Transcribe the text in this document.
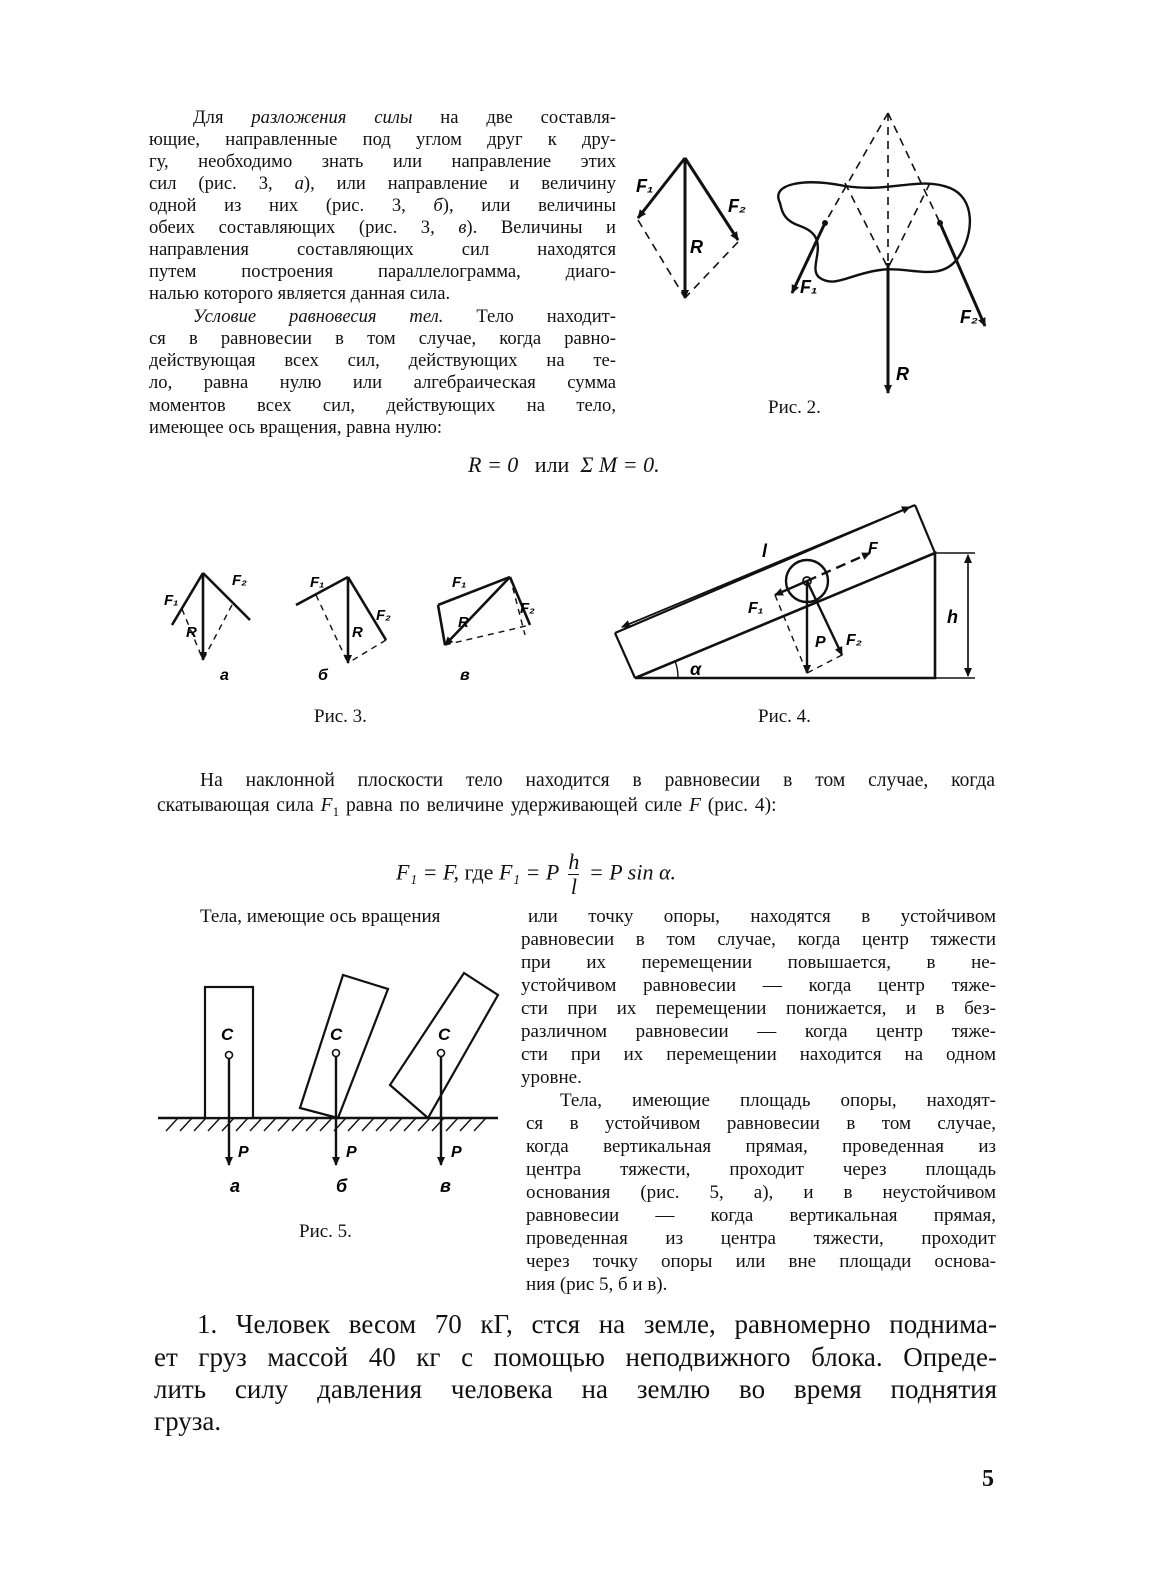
Для разложения силы на две составля-
ющие, направленные под углом друг к дру-
гу, необходимо знать или направление этих
сил (рис. 3, а), или направление и величину
одной из них (рис. 3, б), или величины
обеих составляющих (рис. 3, в). Величины и
направления составляющих сил находятся
путем построения параллелограмма, диаго-
налью которого является данная сила.
Условие равновесия тел. Тело находит-
ся в равновесии в том случае, когда равно-
действующая всех сил, действующих на те-
ло, равна нулю или алгебраическая сумма
моментов всех сил, действующих на тело,
имеющее ось вращения, равна нулю:
R = 0 или Σ M = 0.
F₁
F₂
R
F₁
F₂
R
Рис. 2.
F₁
F₂
R
а
F₁
F₂
R
б
F₁
F₂
R
в
Рис. 3.
l
h
α
F
F₁
P F₂
Рис. 4.
На наклонной плоскости тело находится в равновесии в том случае, когда
скатывающая сила $F_1$ равна по величине удерживающей силе F (рис. 4):
F₁ = F, где F₁ = P $\frac{h}{l} = P$ sin α.
Тела, имеющие ось вращения	или точку опоры, находятся в устойчивом
равновесии в том случае, когда центр тяжести
при их перемещении повышается, в не-
устойчивом равновесии — когда центр тяже-
сти при их перемещении понижается, и в без-
различном равновесии — когда центр тяже-
сти при их перемещении находится на одном
уровне.
Тела, имеющие площадь опоры, находят-
ся в устойчивом равновесии в том случае,
когда вертикальная прямая, проведенная из
центра тяжести, проходит через площадь
основания (рис. 5, а), и в неустойчивом
равновесии — когда вертикальная прямая,
проведенная из центра тяжести, проходит
через точку опоры или вне площади основа-
ния (рис 5, б и в).
C
P
а
C
P
б
C
P
в
Рис. 5.
1. Человек весом 70 кГ, стся на земле, равномерно поднима-
ет груз массой 40 кг с помощью неподвижного блока. Опреде-
лить силу давления человека на землю во время поднятия
груза.
5
